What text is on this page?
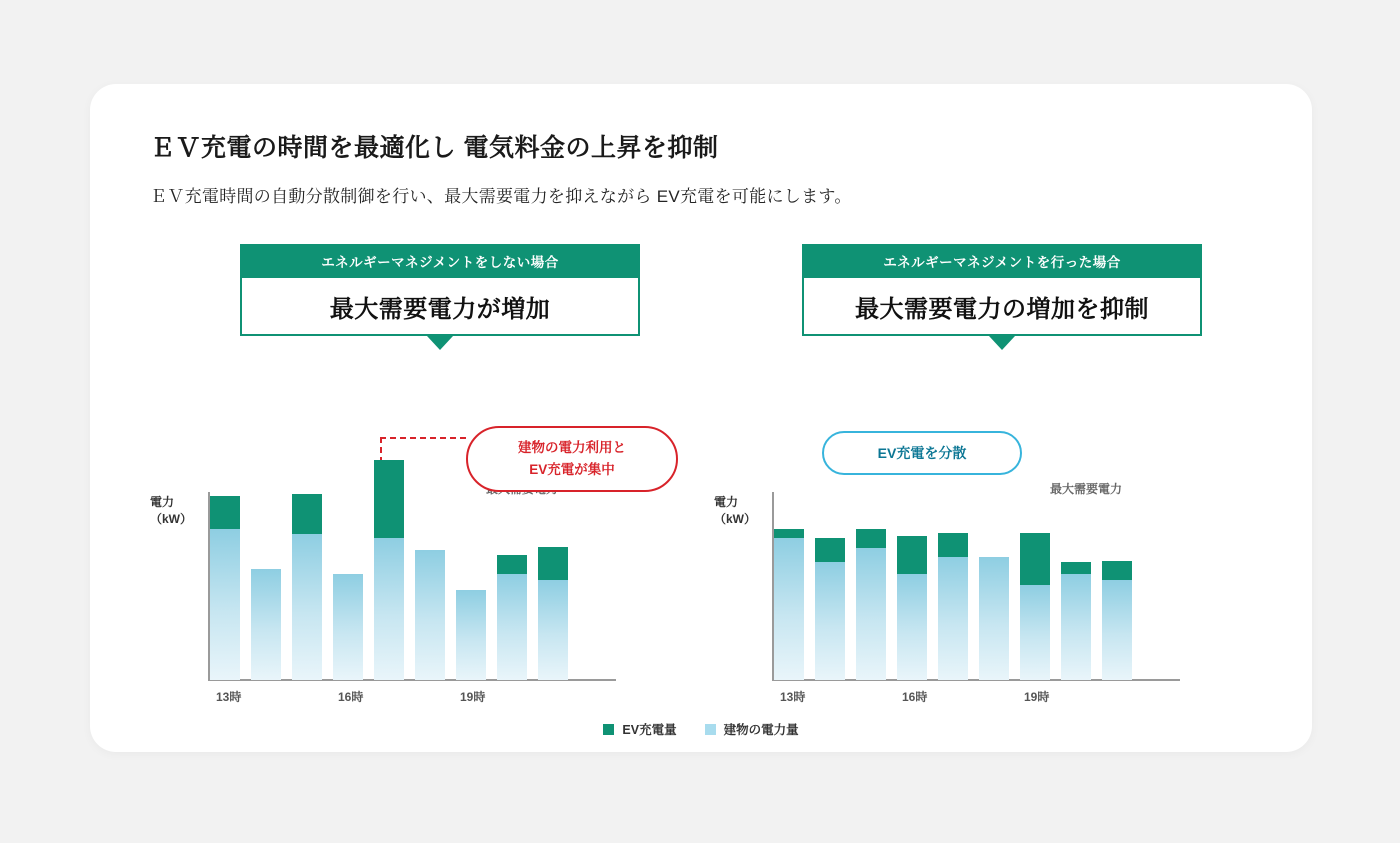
ＥＶ充電の時間を最適化し 電気料金の上昇を抑制
ＥＶ充電時間の自動分散制御を行い、最大需要電力を抑えながら EV充電を可能にします。
エネルギーマネジメントをしない場合
最大需要電力が増加
電力
（kW）
建物の電力利用と
EV充電が集中
13時	16時	19時
エネルギーマネジメントを行った場合
最大需要電力の増加を抑制
電力
（kW）
最大需要電力
EV充電を分散
13時	16時	19時
EV充電量	建物の電力量
